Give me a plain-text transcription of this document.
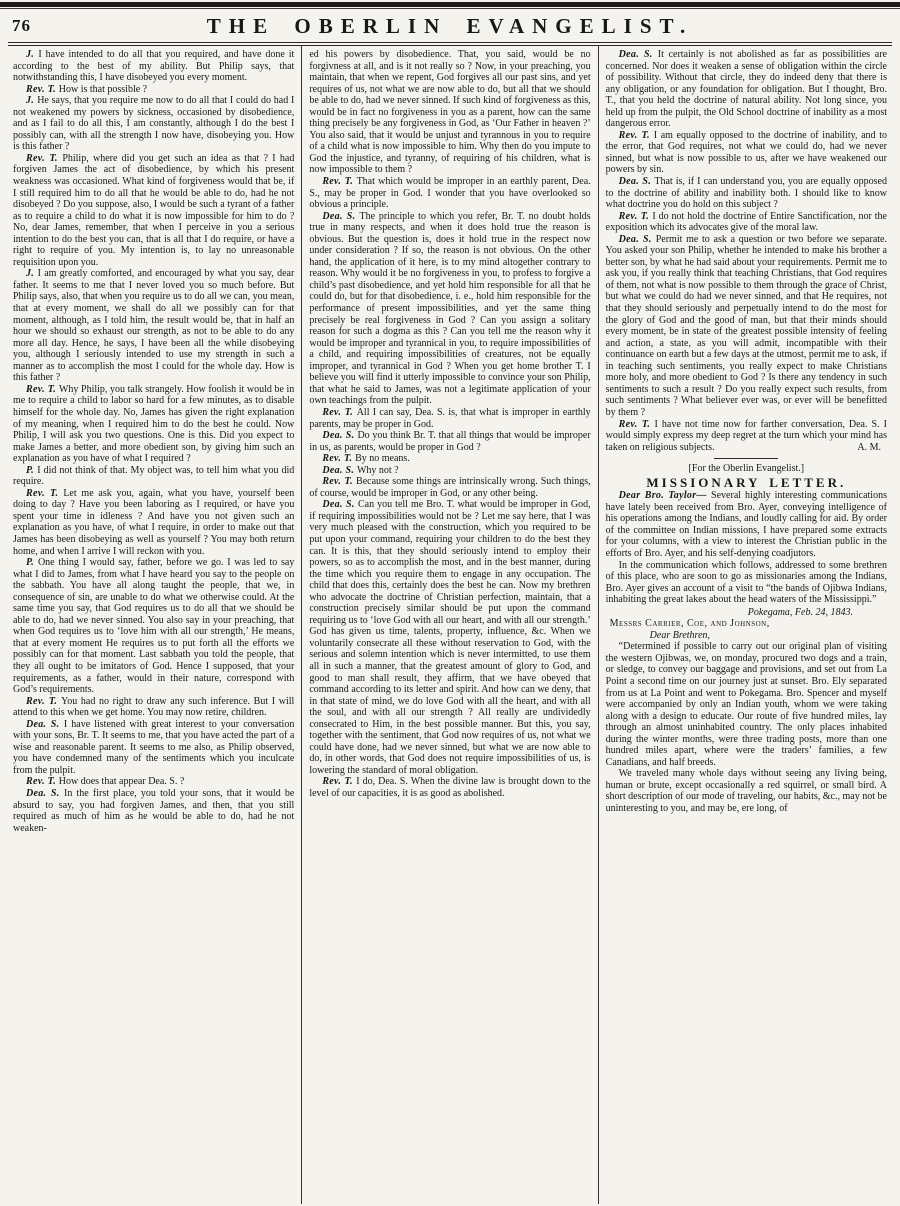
76	THE OBERLIN EVANGELIST.

J. I have intended to do all that you required, and have done it according to the best of my ability. But Philip says, that notwithstanding this, I have disobeyed you every moment.

Rev. T. How is that possible ?

J. He says, that you require me now to do all that I could do had I not weakened my powers by sickness, occasioned by disobedience, and as I fail to do all this, I am constantly, although I do the best I possibly can, with all the strength I now have, disobeying you. How is this father ?

Rev. T. Philip, where did you get such an idea as that ? I had forgiven James the act of disobedience, by which his present weakness was occasioned. What kind of forgiveness would that be, if I still required him to do all that he would be able to do, had he not disobeyed ? Do you suppose, also, I would be such a tyrant of a father as to require a child to do what it is now impossible for him to do ? No, dear James, remember, that when I perceive in you a serious intention to do the best you can, that is all that I do require, or have a right to require of you. My intention is, to lay no unreasonable requisition upon you.

J. I am greatly comforted, and encouraged by what you say, dear father. It seems to me that I never loved you so much before. But Philip says, also, that when you require us to do all we can, you mean, that at every moment, we shall do all we possibly can for that moment, although, as I told him, the result would be, that in half an hour we should so exhaust our strength, as not to be able to do any more all day. Hence, he says, I have been all the while disobeying you, although I seriously intended to use my strength in such a manner as to accomplish the most I could for the whole day. How is this father ?

Rev. T. Why Philip, you talk strangely. How foolish it would be in me to require a child to labor so hard for a few minutes, as to disable himself for the whole day. No, James has given the right explanation of my meaning, when I required him to do the best he could. Now Philip, I will ask you two questions. One is this. Did you expect to make James a better, and more obedient son, by giving him such an explanation as you have of what I required ?

P. I did not think of that. My object was, to tell him what you did require.

Rev. T. Let me ask you, again, what you have, yourself been doing to day ? Have you been laboring as I required, or have you spent your time in idleness ? And have you not given such an explanation as you have, of what I require, in order to make out that James has been disobeying as well as yourself ? You may both return home, and when I arrive I will reckon with you.

P. One thing I would say, father, before we go. I was led to say what I did to James, from what I have heard you say to the people on the sabbath. You have all along taught the people, that we, in consequence of sin, are unable to do what we otherwise could. At the same time you say, that God requires us to do all that we should be able to do, had we never sinned. You also say in your preaching, that when God requires us to ‘love him with all our strength,’ He means, that at every moment He requires us to put forth all the efforts we possibly can for that moment. Last sabbath you told the people, that they all ought to be imitators of God. Hence I supposed, that your requirements, as a father, would in their nature, correspond with God’s requirements.

Rev. T. You had no right to draw any such inference. But I will attend to this when we get home. You may now retire, children.

Dea. S. I have listened with great interest to your conversation with your sons, Br. T. It seems to me, that you have acted the part of a wise and reasonable parent. It seems to me also, as Philip observed, you have condemned many of the sentiments which you inculcate from the pulpit.

Rev. T. How does that appear Dea. S. ?

Dea. S. In the first place, you told your sons, that it would be absurd to say, you had forgiven James, and then, that you still required as much of him as he would be able to do, had he not weaken-

ed his powers by disobedience. That, you said, would be no forgivness at all, and is it not really so ? Now, in your preaching, you maintain, that when we repent, God forgives all our past sins, and yet requires of us, not what we are now able to do, but all that we should be able to do, had we never sinned. If such kind of forgiveness as this, would be in fact no forgiveness in you as a parent, how can the same thing precisely be any forgiveness in God, as ‘Our Father in heaven ?’ You also said, that it would be unjust and tyrannous in you to require of a child what is now impossible to him. Why then do you impute to God the injustice, and tyranny, of requiring of his children, what is now impossible to them ?

Rev. T. That which would be improper in an earthly parent, Dea. S., may be proper in God. I wonder that you have overlooked so obvious a principle.

Dea. S. The principle to which you refer, Br. T. no doubt holds true in many respects, and when it does hold true the reason is obvious. But the question is, does it hold true in the respect now under consideration ? If so, the reason is not obvious. On the other hand, the application of it here, is to my mind altogether contrary to reason. Why would it be no forgiveness in you, to profess to forgive a child’s past disobedience, and yet hold him responsible for all that he could do, but for that disobedience, i. e., hold him responsible for the performance of present impossibilities, and yet the same thing precisely be real forgiveness in God ? Can you assign a solitary reason for such a dogma as this ? Can you tell me the reason why it would be improper and tyrannical in you, to require impossibilities of a child, and requiring impossibilities of creatures, not be equally improper, and tyrannical in God ? When you get home brother T. I believe you will find it utterly impossible to convince your son Philip, that what he said to James, was not a legitimate application of your own teachings from the pulpit.

Rev. T. All I can say, Dea. S. is, that what is improper in earthly parents, may be proper in God.

Dea. S. Do you think Br. T. that all things that would be improper in us, as parents, would be proper in God ?

Rev. T. By no means.

Dea. S. Why not ?

Rev. T. Because some things are intrinsically wrong. Such things, of course, would be improper in God, or any other being.

Dea. S. Can you tell me Bro. T. what would be improper in God, if requiring impossibilities would not be ? Let me say here, that I was very much pleased with the construction, which you required to be put upon your command, requiring your children to do the best they can. It is this, that they should seriously intend to employ their powers, so as to accomplish the most, and in the best manner, during the time which you require them to engage in any occupation. The child that does this, certainly does the best he can. Now my brethren who advocate the doctrine of Christian perfection, maintain, that a construction precisely similar should be put upon the command requiring us to ‘love God with all our heart, and with all our strength.’ God has given us time, talents, property, influence, &c. When we voluntarily consecrate all these without reservation to God, with the serious and solemn intention which is never intermitted, to use them all in such a manner, that the greatest amount of glory to God, and good to man shall result, they affirm, that we have obeyed that command according to its letter and spirit. And how can we deny, that in that state of mind, we do love God with all the heart, and with all the soul, and with all our strength ? All really are undividedly consecrated to Him, in the best possible manner. But this, you say, together with the sentiment, that God now requires of us, not what we could have done, had we never sinned, but what we are now able to do, in other words, that God does not require impossibilities of us, is lowering the standard of moral obligation.

Rev. T. I do, Dea. S. When the divine law is brought down to the level of our capacities, it is as good as abolished.

Dea. S. It certainly is not abolished as far as possibilities are concerned. Nor does it weaken a sense of obligation within the circle of possibility. Without that circle, they do indeed deny that there is any obligation, or any foundation for obligation. But I thought, Bro. T., that you held the doctrine of natural ability. Not long since, you held up from the pulpit, the Old School doctrine of inability as a most dangerous error.

Rev. T. I am equally opposed to the doctrine of inability, and to the error, that God requires, not what we could do, had we never sinned, but what is now possible to us, after we have weakened our powers by sin.

Dea. S. That is, if I can understand you, you are equally opposed to the doctrine of ability and inability both. I should like to know what doctrine you do hold on this subject ?

Rev. T. I do not hold the doctrine of Entire Sanctification, nor the exposition which its advocates give of the moral law.

Dea. S. Permit me to ask a question or two before we separate. You asked your son Philip, whether he intended to make his brother a better son, by what he had said about your requirements. Permit me to ask you, if you really think that teaching Christians, that God requires of them, not what is now possible to them through the grace of Christ, but what we could do had we never sinned, and that He requires, not that they should seriously and perpetually intend to do the most for the glory of God and the good of man, but that their minds should every moment, be in state of the greatest possible intensity of feeling and action, a state, as you will admit, incompatible with their continuance on earth but a few days at the utmost, permit me to ask, if in teaching such sentiments, you really expect to make Christians more holy, and more obedient to God ? Is there any tendency in such sentiments to such a result ? Do you really expect such results, from such sentiments ? What believer ever was, or ever will be benefitted by them ?

Rev. T. I have not time now for farther conversation, Dea. S. I would simply express my deep regret at the turn which your mind has taken on religious subjects.	A. M.

[For the Oberlin Evangelist.]

MISSIONARY LETTER.

Dear Bro. Taylor— Several highly interesting communications have lately been received from Bro. Ayer, conveying intelligence of his operations among the Indians, and loudly calling for aid. By order of the committee on Indian missions, I have prepared some extracts for your columns, with a view to interest the Christian public in the efforts of Bro. Ayer, and his self-denying coadjutors.

In the communication which follows, addressed to some brethren of this place, who are soon to go as missionaries among the Indians, Bro. Ayer gives an account of a visit to “the bands of Ojibwa Indians, inhabiting the great lakes about the head waters of the Mississippi.”

Pokegama, Feb. 24, 1843.

Messrs Carrier, Coe, and Johnson,

Dear Brethren,

“Determined if possible to carry out our original plan of visiting the western Ojibwas, we, on monday, procured two dogs and a train, or sledge, to convey our baggage and provisions, and set out from La Point a second time on our journey just at sunset. Bro. Ely separated from us at La Point and went to Pokegama. Bro. Spencer and myself were accompanied by only an Indian youth, whom we were taking along with a design to educate. Our route of five hundred miles, lay through an almost uninhabited country. The only places inhabited during the winter months, were three trading posts, more than one hundred miles apart, where were the traders’ families, a few Canadians, and half breeds.

We traveled many whole days without seeing any living being, human or brute, except occasionally a red squirrel, or small bird. A short description of our mode of traveling, our habits, &c., may not be uninteresting to you, and may be, ere long, of
